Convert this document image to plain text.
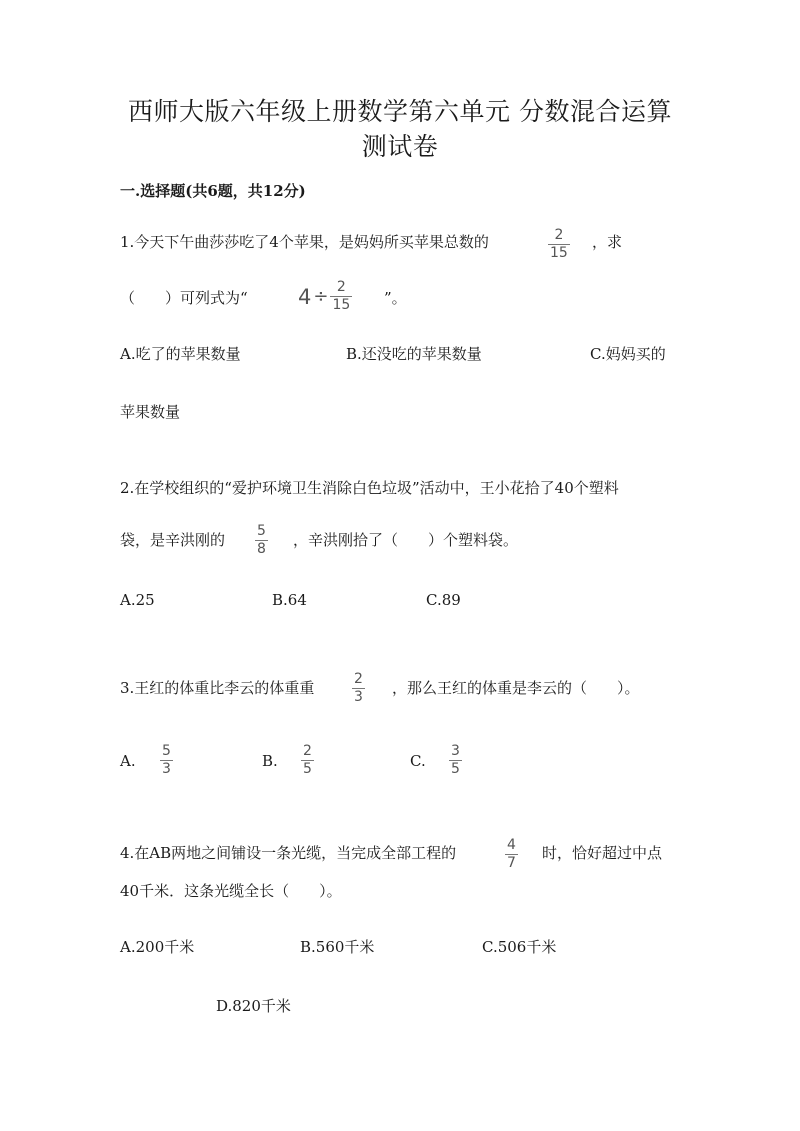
西师大版六年级上册数学第六单元 分数混合运算
测试卷
一.选择题(共6题，共12分)
1.今天下午曲莎莎吃了4个苹果，是妈妈所买苹果总数的	2
15
，求
（　　）可列式为“ $4 \div \frac{2}{15}$ ”。
A.吃了的苹果数量	B.还没吃的苹果数量	C.妈妈买的
苹果数量
2.在学校组织的“爱护环境卫生消除白色垃圾”活动中，王小花拾了40个塑料
袋，是辛洪刚的 5
8 ，辛洪刚拾了（　　）个塑料袋。
A.25	B.64	C.89
3.王红的体重比李云的体重重	2
3 ，那么王红的体重是李云的（　　）。
A.
5
3	B.
2
5	C.
3
5
4.在AB两地之间铺设一条光缆，当完成全部工程的	4
7
时，恰好超过中点
40千米．这条光缆全长（　　）。
A.200千米	B.560千米	C.506千米
D.820千米
